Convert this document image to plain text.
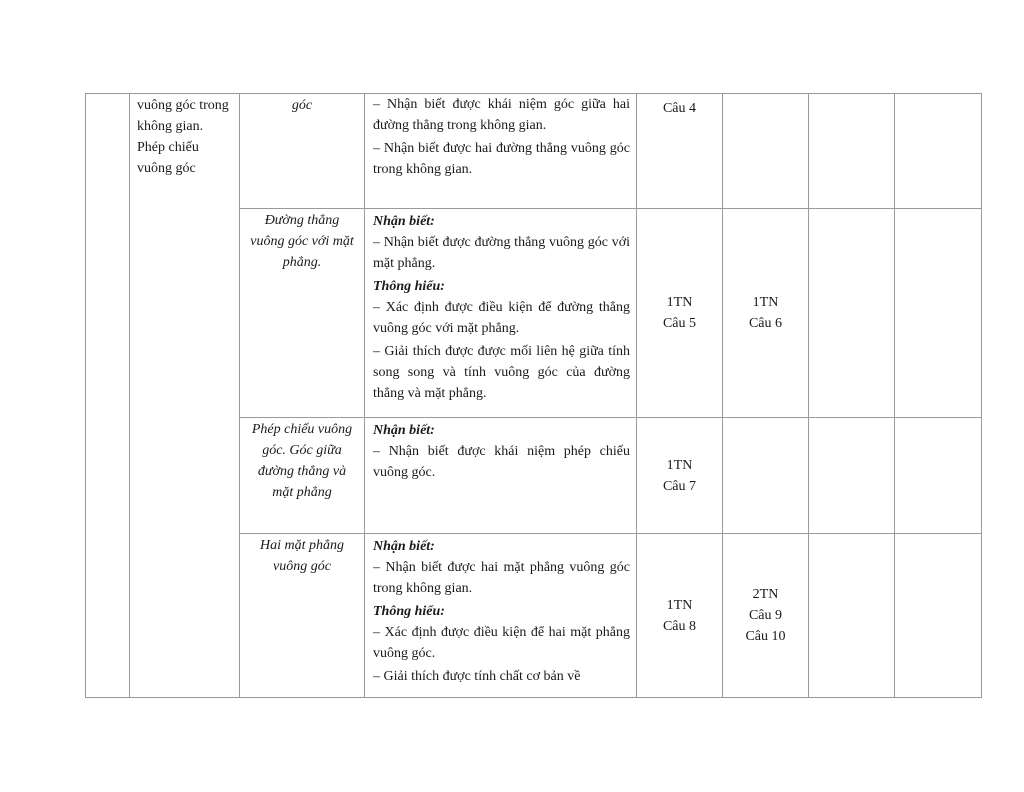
	vuông góc trong không gian. Phép chiếu vuông góc	góc	– Nhận biết được khái niệm góc giữa hai đường thẳng trong không gian.
– Nhận biết được hai đường thẳng vuông góc trong không gian.	Câu 4			

		Đường thẳng vuông góc với mặt phẳng.	Nhận biết:
– Nhận biết được đường thẳng vuông góc với mặt phẳng.
Thông hiểu:
– Xác định được điều kiện để đường thẳng vuông góc với mặt phẳng.
– Giải thích được được mối liên hệ giữa tính song song và tính vuông góc của đường thẳng và mặt phẳng.	1TN
Câu 5	1TN
Câu 6		

		Phép chiếu vuông góc. Góc giữa đường thẳng và mặt phẳng	Nhận biết:
– Nhận biết được khái niệm phép chiếu vuông góc.	1TN
Câu 7			

		Hai mặt phẳng vuông góc	Nhận biết:
– Nhận biết được hai mặt phẳng vuông góc trong không gian.
Thông hiểu:
– Xác định được điều kiện để hai mặt phẳng vuông góc.
– Giải thích được tính chất cơ bản về	1TN
Câu 8	2TN
Câu 9
Câu 10		
